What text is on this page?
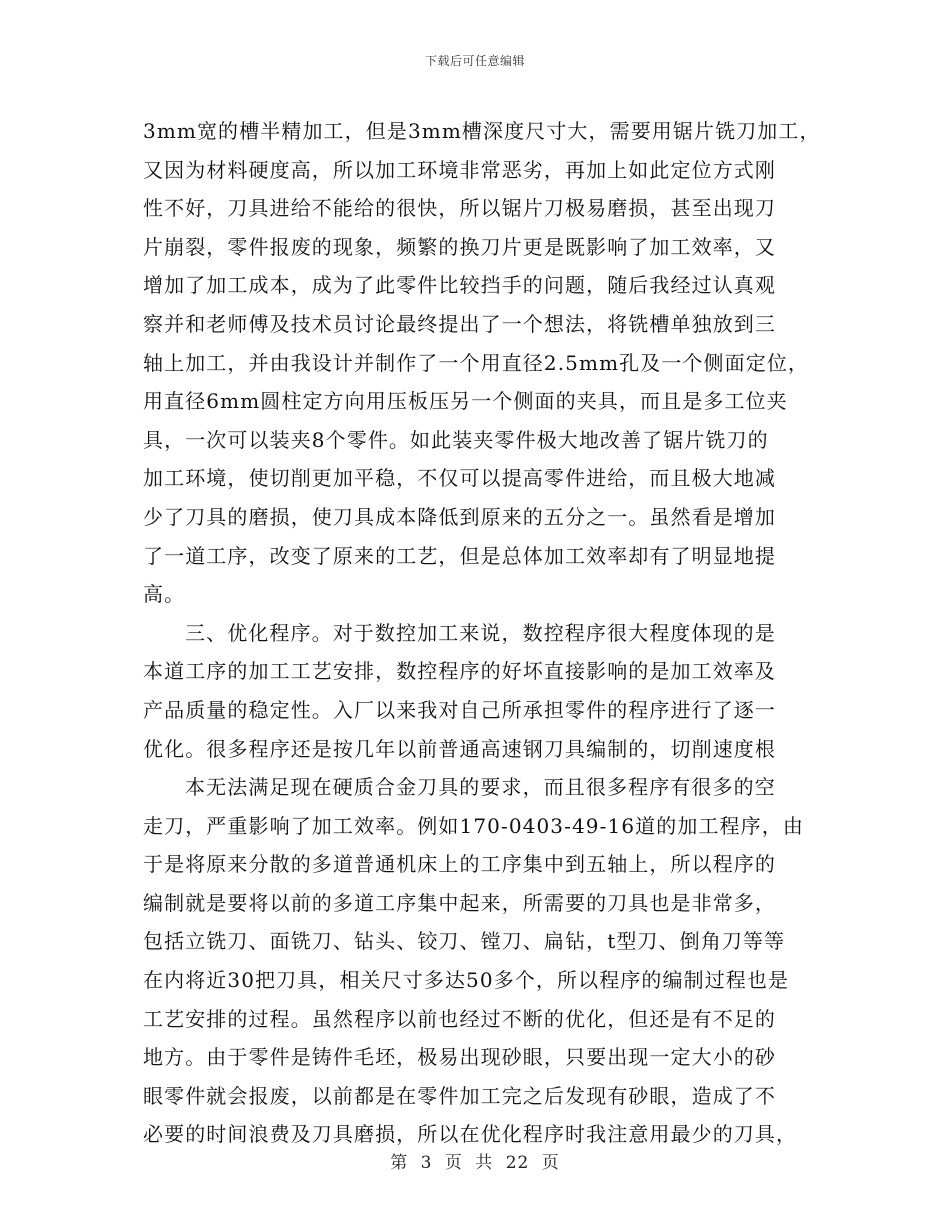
下载后可任意编辑
3mm宽的槽半精加工，但是3mm槽深度尺寸大，需要用锯片铣刀加工，
又因为材料硬度高，所以加工环境非常恶劣，再加上如此定位方式刚
性不好，刀具进给不能给的很快，所以锯片刀极易磨损，甚至出现刀
片崩裂，零件报废的现象，频繁的换刀片更是既影响了加工效率，又
增加了加工成本，成为了此零件比较挡手的问题，随后我经过认真观
察并和老师傅及技术员讨论最终提出了一个想法，将铣槽单独放到三
轴上加工，并由我设计并制作了一个用直径2.5mm孔及一个侧面定位，
用直径6mm圆柱定方向用压板压另一个侧面的夹具，而且是多工位夹
具，一次可以装夹8个零件。如此装夹零件极大地改善了锯片铣刀的
加工环境，使切削更加平稳，不仅可以提高零件进给，而且极大地减
少了刀具的磨损，使刀具成本降低到原来的五分之一。虽然看是增加
了一道工序，改变了原来的工艺，但是总体加工效率却有了明显地提
高。
三、优化程序。对于数控加工来说，数控程序很大程度体现的是
本道工序的加工工艺安排，数控程序的好坏直接影响的是加工效率及
产品质量的稳定性。入厂以来我对自己所承担零件的程序进行了逐一
优化。很多程序还是按几年以前普通高速钢刀具编制的，切削速度根
本无法满足现在硬质合金刀具的要求，而且很多程序有很多的空
走刀，严重影响了加工效率。例如170-0403-49-16道的加工程序，由
于是将原来分散的多道普通机床上的工序集中到五轴上，所以程序的
编制就是要将以前的多道工序集中起来，所需要的刀具也是非常多，
包括立铣刀、面铣刀、钻头、铰刀、镗刀、扁钻，t型刀、倒角刀等等
在内将近30把刀具，相关尺寸多达50多个，所以程序的编制过程也是
工艺安排的过程。虽然程序以前也经过不断的优化，但还是有不足的
地方。由于零件是铸件毛坯，极易出现砂眼，只要出现一定大小的砂
眼零件就会报废，以前都是在零件加工完之后发现有砂眼，造成了不
必要的时间浪费及刀具磨损，所以在优化程序时我注意用最少的刀具，
第 3 页 共 22 页
